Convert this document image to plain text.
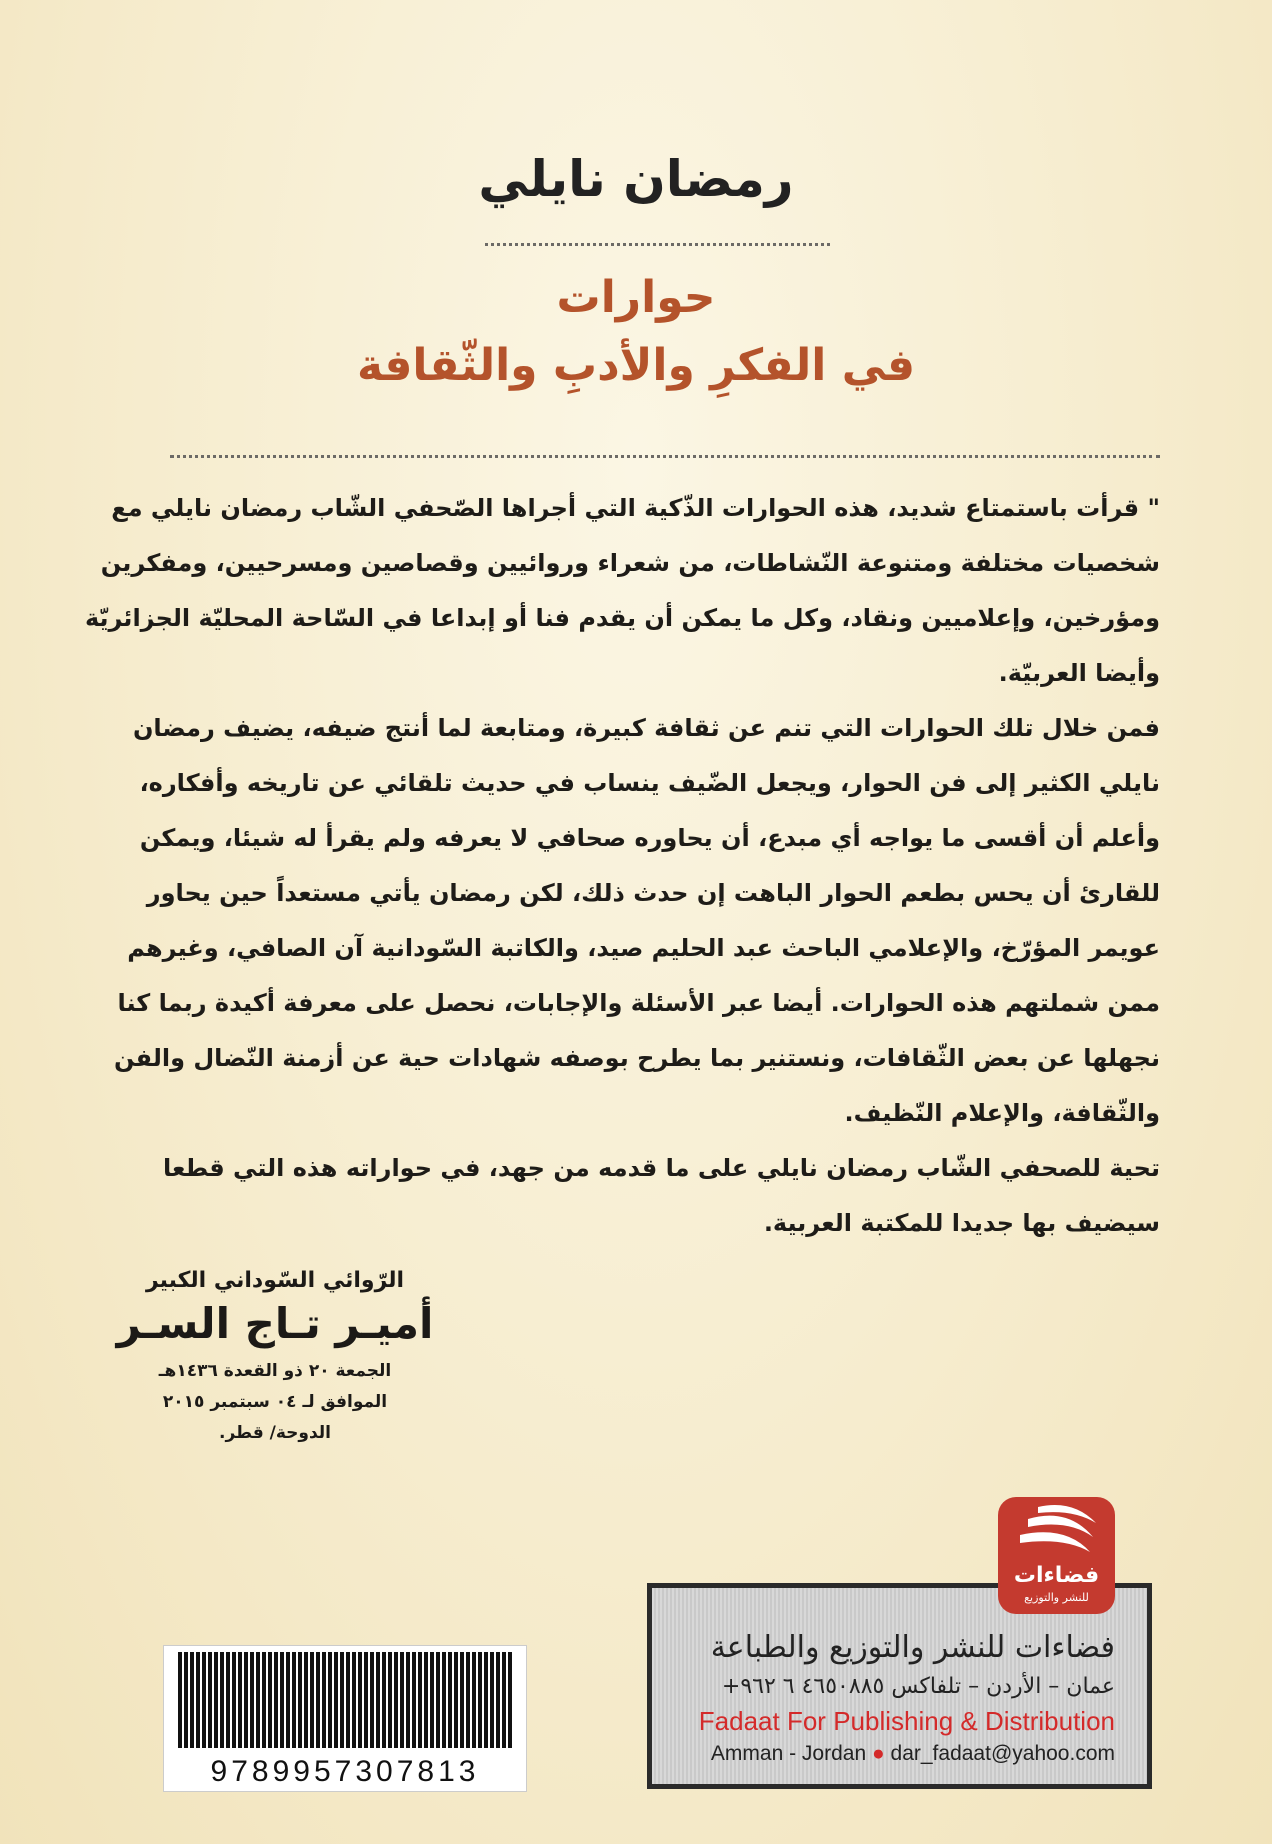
رمضان نايلي
حوارات
في الفكرِ والأدبِ والثّقافة
" قرأت باستمتاع شديد، هذه الحوارات الذّكية التي أجراها الصّحفي الشّاب رمضان نايلي مع
شخصيات مختلفة ومتنوعة النّشاطات، من شعراء وروائيين وقصاصين ومسرحيين، ومفكرين
ومؤرخين، وإعلاميين ونقاد، وكل ما يمكن أن يقدم فنا أو إبداعا في السّاحة المحليّة الجزائريّة
وأيضا العربيّة.
فمن خلال تلك الحوارات التي تنم عن ثقافة كبيرة، ومتابعة لما أنتج ضيفه، يضيف رمضان
نايلي الكثير إلى فن الحوار، ويجعل الضّيف ينساب في حديث تلقائي عن تاريخه وأفكاره،
وأعلم أن أقسى ما يواجه أي مبدع، أن يحاوره صحافي لا يعرفه ولم يقرأ له شيئا، ويمكن
للقارئ أن يحس بطعم الحوار الباهت إن حدث ذلك، لكن رمضان يأتي مستعداً حين يحاور
عويمر المؤرّخ، والإعلامي الباحث عبد الحليم صيد، والكاتبة السّودانية آن الصافي، وغيرهم
ممن شملتهم هذه الحوارات. أيضا عبر الأسئلة والإجابات، نحصل على معرفة أكيدة ربما كنا
نجهلها عن بعض الثّقافات، ونستنير بما يطرح بوصفه شهادات حية عن أزمنة النّضال والفن
والثّقافة، والإعلام النّظيف.
تحية للصحفي الشّاب رمضان نايلي على ما قدمه من جهد، في حواراته هذه التي قطعا
سيضيف بها جديدا للمكتبة العربية.
الرّوائي السّوداني الكبير
أميـر تـاج السـر
الجمعة ٢٠ ذو القعدة ١٤٣٦هـ
الموافق لـ ٠٤ سبتمبر ٢٠١٥
الدوحة/ قطر.
9789957307813
فضاءات
للنشر والتوزيع
فضاءات للنشر والتوزيع والطباعة
عمان – الأردن – تلفاكس ٤٦٥٠٨٨٥ ٦ ٩٦٢+
Fadaat For Publishing & Distribution
Amman - Jordan ● dar_fadaat@yahoo.com
